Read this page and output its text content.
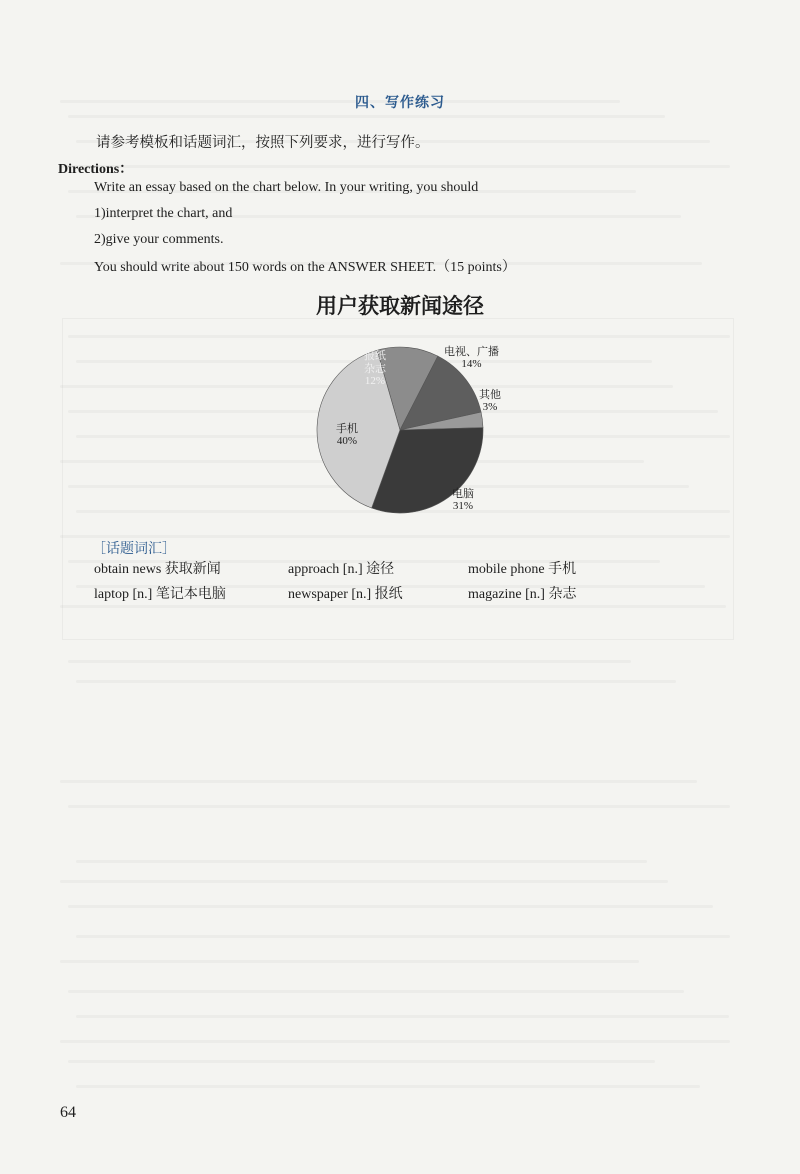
四、写作练习
请参考模板和话题词汇，按照下列要求，进行写作。
Directions：
Write an essay based on the chart below. In your writing, you should
1)interpret the chart, and
2)give your comments.
You should write about 150 words on the ANSWER SHEET.（15 points）
用户获取新闻途径
报纸
杂志
12%
电视、广播
14%
其他
3%
电脑
31%
手机
40%
［话题词汇］
obtain news 获取新闻	approach [n.] 途径	mobile phone 手机
laptop [n.] 笔记本电脑	newspaper [n.] 报纸	magazine [n.] 杂志
64
